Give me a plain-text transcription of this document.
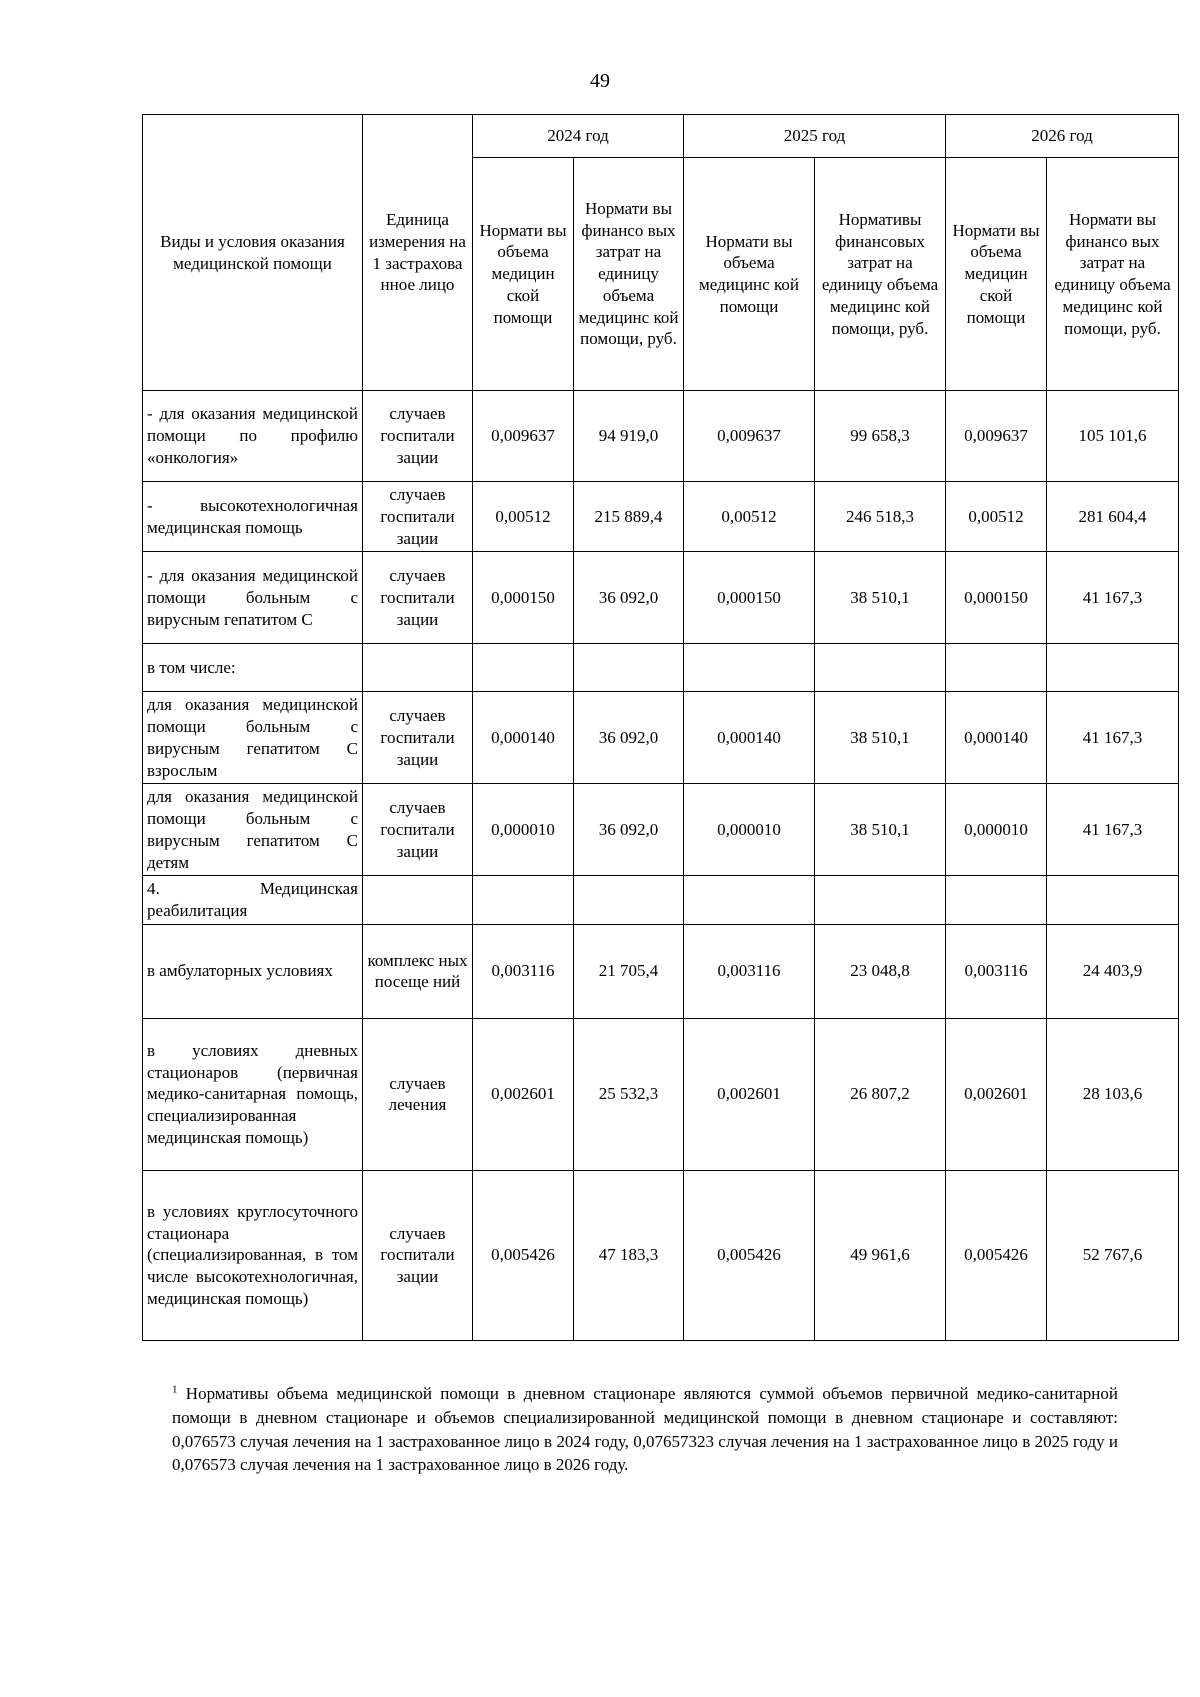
49
Виды и условия оказания медицинской помощи	Единица измерения на 1 застрахова нное лицо	2024 год		2025 год		2026 год	
		Нормати вы объема медицин ской помощи	Нормати вы финансо вых затрат на единицу объема медицинс кой помощи, руб.	Нормати вы объема медицинс кой помощи	Нормативы финансовых затрат на единицу объема медицинс кой помощи, руб.	Нормати вы объема медицин ской помощи	Нормати вы финансо вых затрат на единицу объема медицинс кой помощи, руб.
- для оказания медицинской помощи по профилю «онкология»	случаев госпитали зации	0,009637	94 919,0	0,009637	99 658,3	0,009637	105 101,6
- высокотехнологичная медицинская помощь	случаев госпитали зации	0,00512	215 889,4	0,00512	246 518,3	0,00512	281 604,4
- для оказания медицинской помощи больным с вирусным гепатитом С	случаев госпитали зации	0,000150	36 092,0	0,000150	38 510,1	0,000150	41 167,3
в том числе:							
для оказания медицинской помощи больным с вирусным гепатитом С взрослым	случаев госпитали зации	0,000140	36 092,0	0,000140	38 510,1	0,000140	41 167,3
для оказания медицинской помощи больным с вирусным гепатитом С детям	случаев госпитали зации	0,000010	36 092,0	0,000010	38 510,1	0,000010	41 167,3
4. Медицинская реабилитация							
в амбулаторных условиях	комплекс ных посеще ний	0,003116	21 705,4	0,003116	23 048,8	0,003116	24 403,9
в условиях дневных стационаров (первичная медико-санитарная помощь, специализированная медицинская помощь)	случаев лечения	0,002601	25 532,3	0,002601	26 807,2	0,002601	28 103,6
в условиях круглосуточного стационара (специализированная, в том числе высокотехнологичная, медицинская помощь)	случаев госпитали зации	0,005426	47 183,3	0,005426	49 961,6	0,005426	52 767,6
$^1$ Нормативы объема медицинской помощи в дневном стационаре являются суммой объемов первичной медико-санитарной помощи в дневном стационаре и объемов специализированной медицинской помощи в дневном стационаре и составляют: 0,076573 случая лечения на 1 застрахованное лицо в 2024 году, 0,07657323 случая лечения на 1 застрахованное лицо в 2025 году и 0,076573 случая лечения на 1 застрахованное лицо в 2026 году.
